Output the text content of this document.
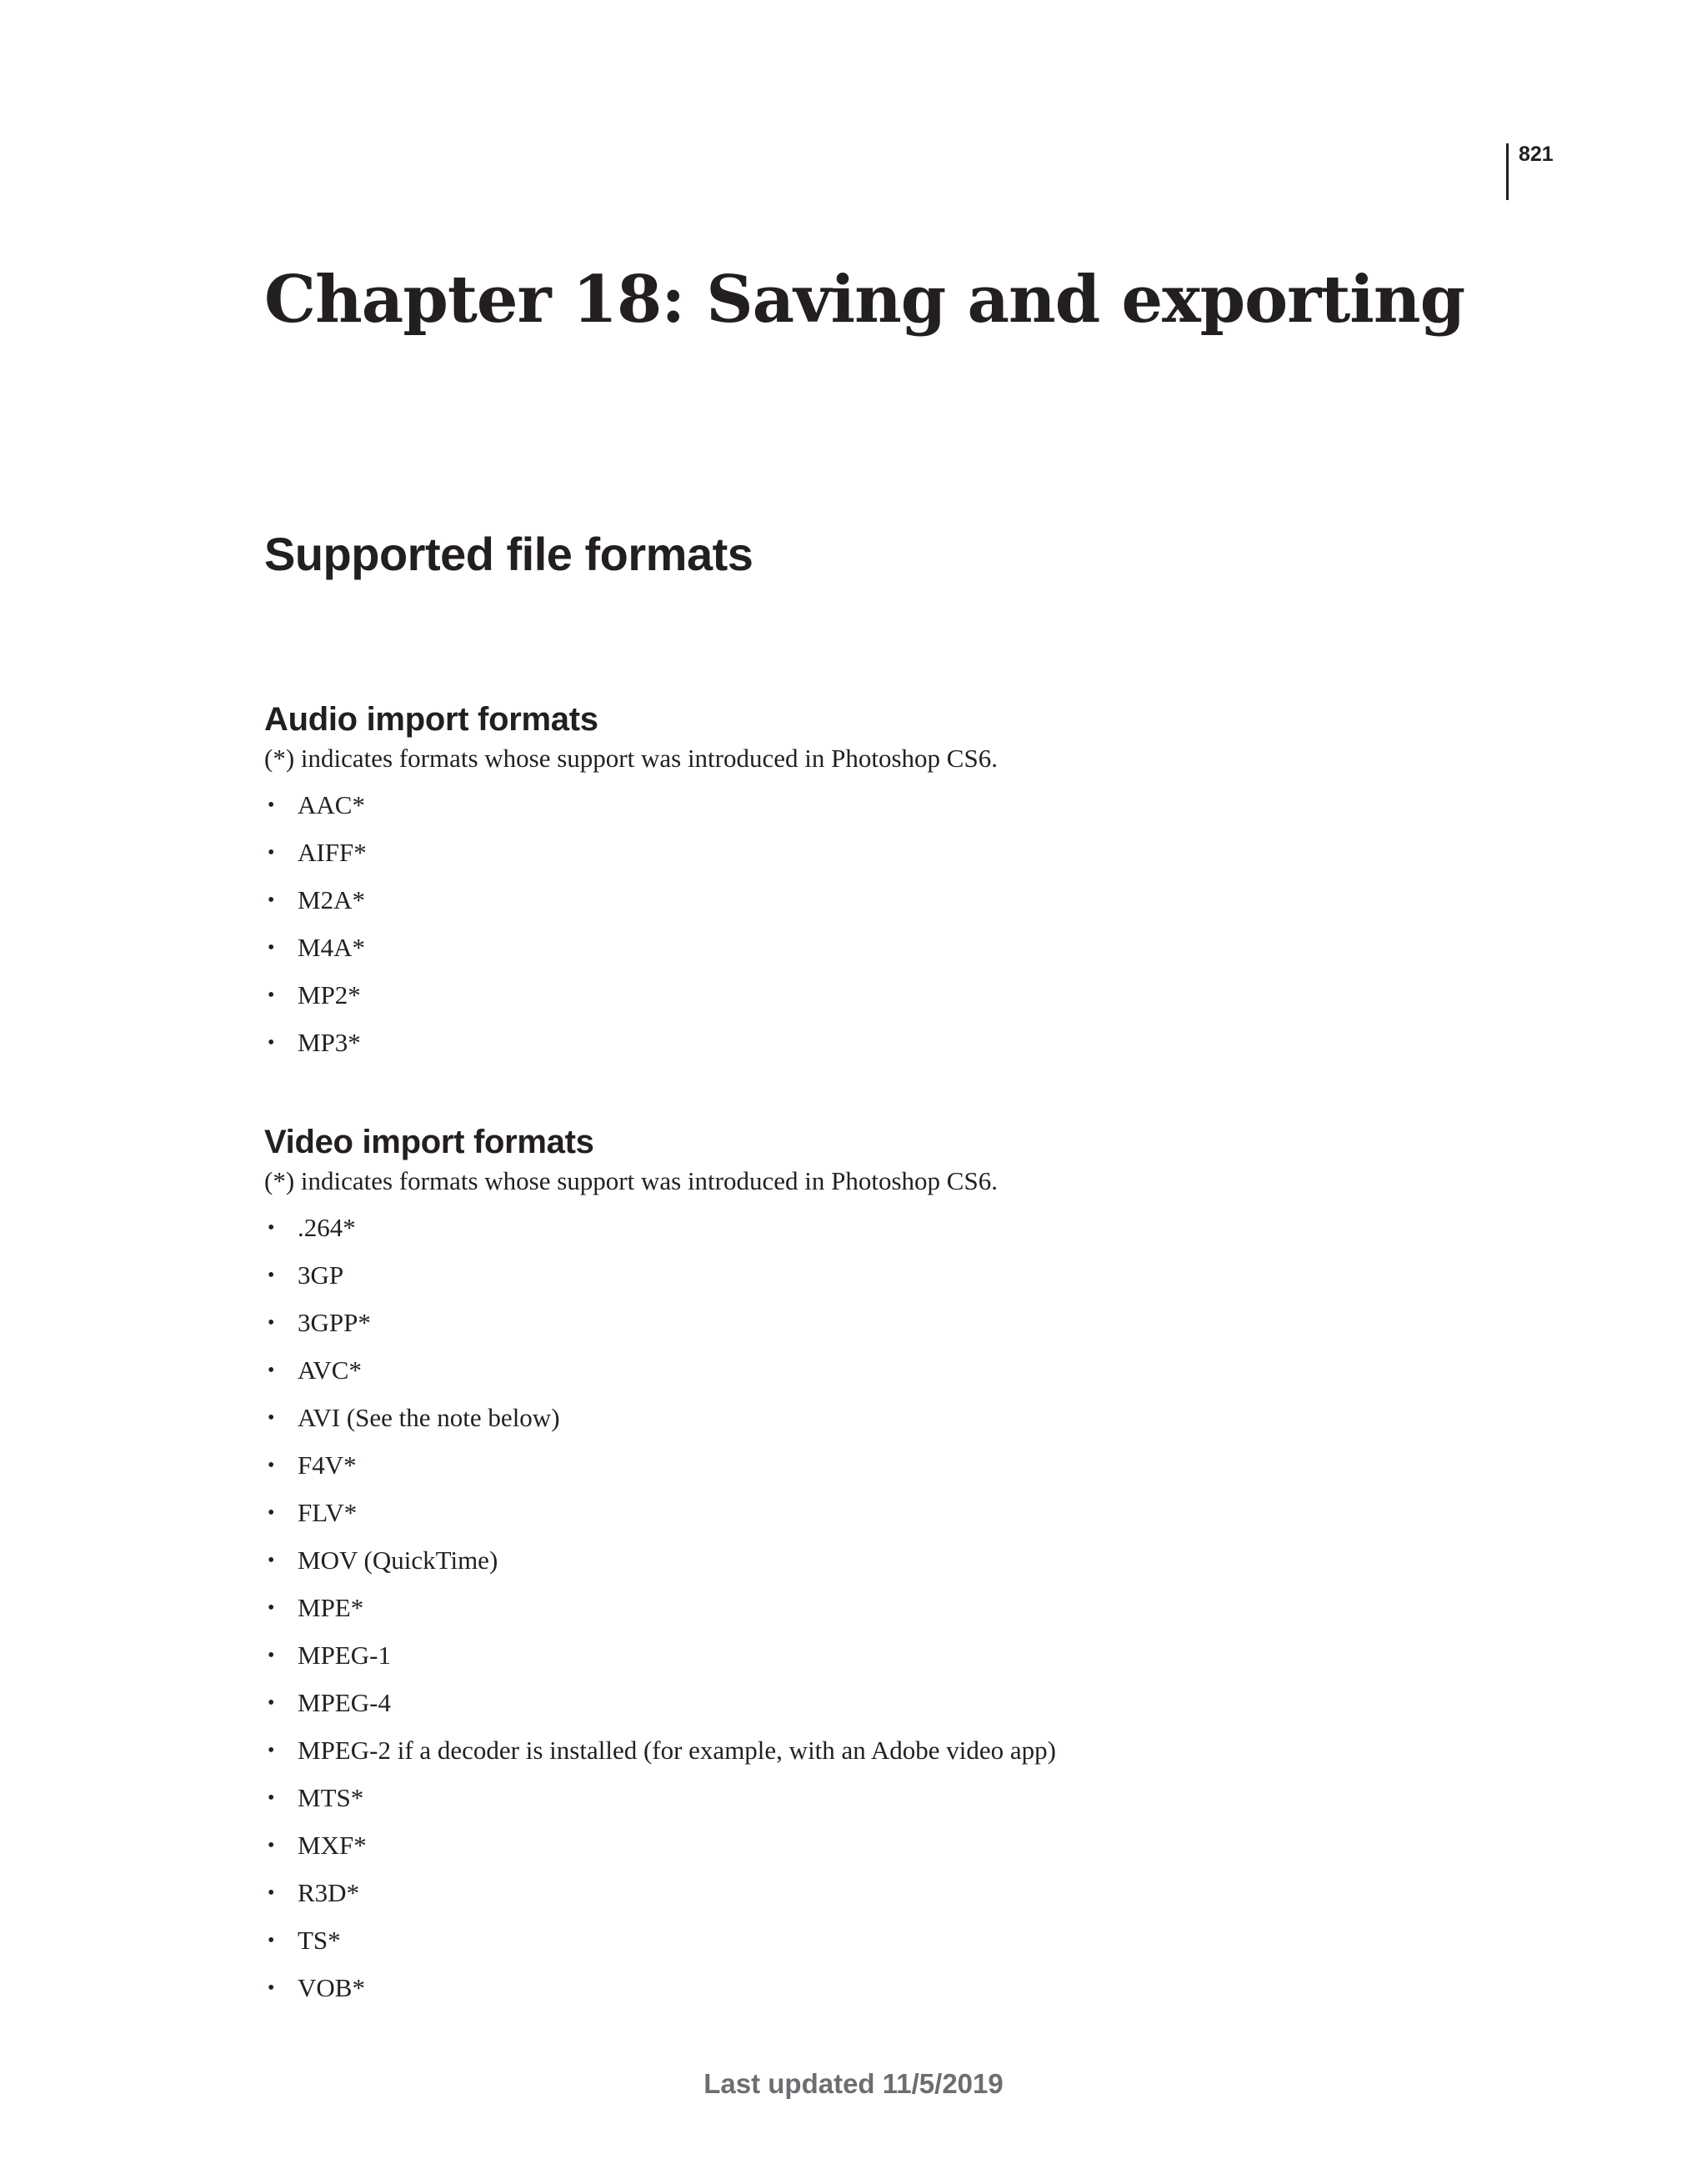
821
Chapter 18: Saving and exporting
Supported file formats
Audio import formats

(*) indicates formats whose support was introduced in Photoshop CS6.

• AAC*
• AIFF*
• M2A*
• M4A*
• MP2*
• MP3*
Video import formats

(*) indicates formats whose support was introduced in Photoshop CS6.

• .264*
• 3GP
• 3GPP*
• AVC*
• AVI (See the note below)
• F4V*
• FLV*
• MOV (QuickTime)
• MPE*
• MPEG-1
• MPEG-4
• MPEG-2 if a decoder is installed (for example, with an Adobe video app)
• MTS*
• MXF*
• R3D*
• TS*
• VOB*
Last updated 11/5/2019
